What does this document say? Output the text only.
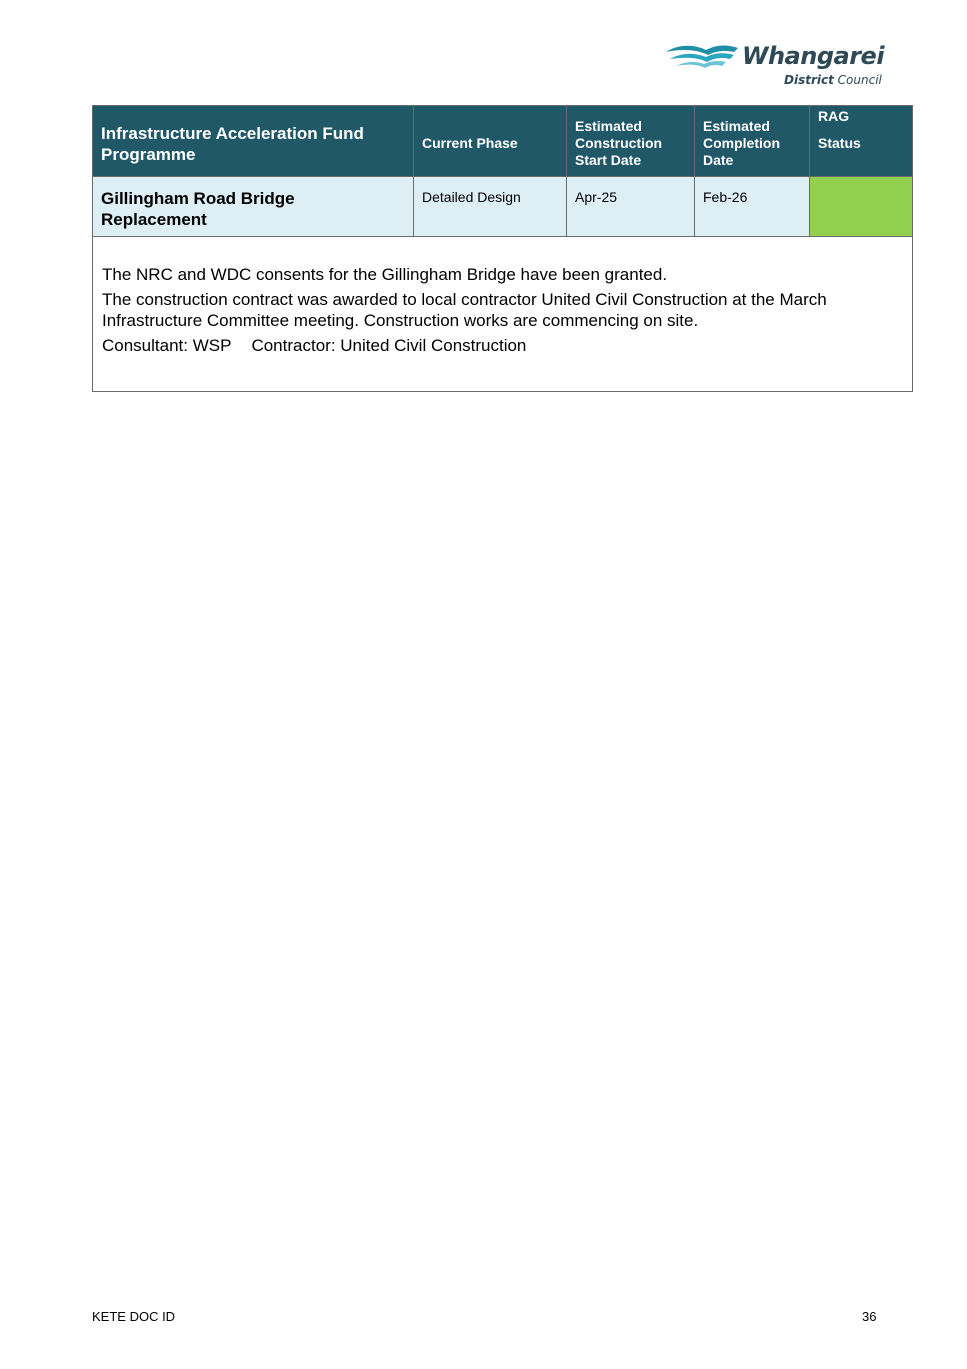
Whangarei
District Council
Infrastructure Acceleration Fund Programme	Current Phase	Estimated Construction Start Date	Estimated Completion Date	RAG
Status

Gillingham Road Bridge Replacement	Detailed Design	Apr-25	Feb-26	

The NRC and WDC consents for the Gillingham Bridge have been granted.
The construction contract was awarded to local contractor United Civil Construction at the March Infrastructure Committee meeting. Construction works are commencing on site.
Consultant: WSP Contractor: United Civil Construction				
KETE DOC ID	36
